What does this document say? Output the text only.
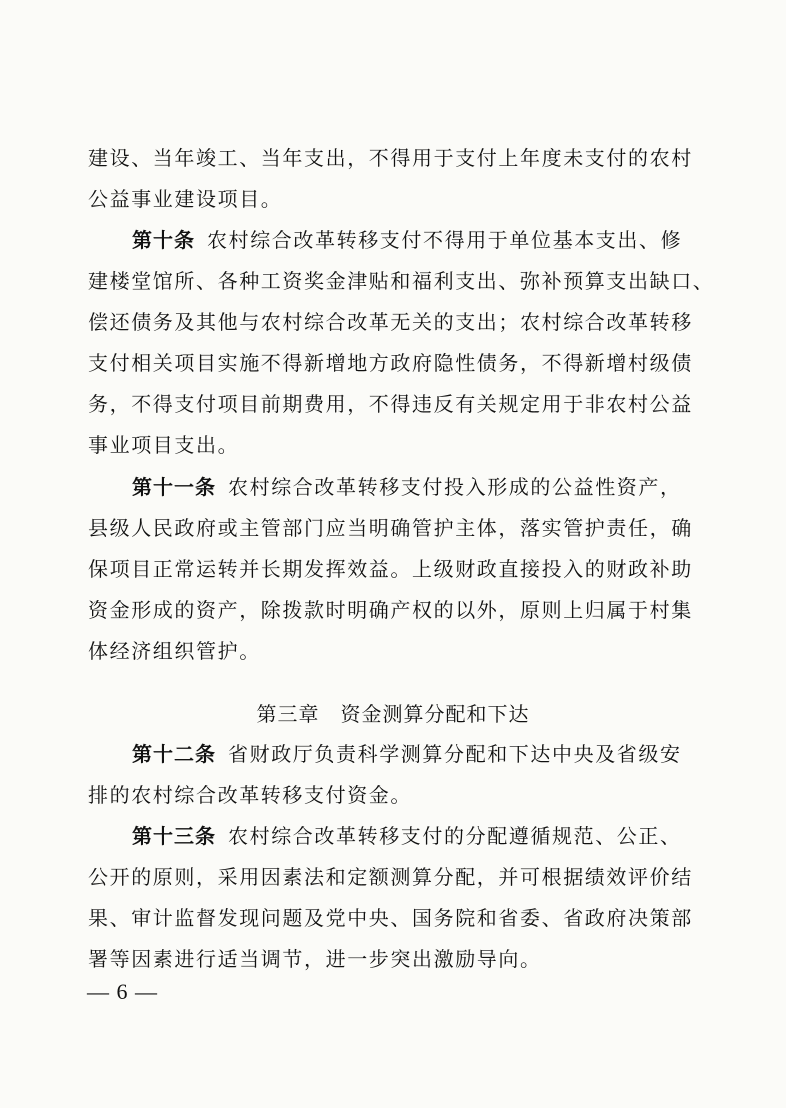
建设、当年竣工、当年支出，不得用于支付上年度未支付的农村
公益事业建设项目。
第十条 农村综合改革转移支付不得用于单位基本支出、修
建楼堂馆所、各种工资奖金津贴和福利支出、弥补预算支出缺口、
偿还债务及其他与农村综合改革无关的支出；农村综合改革转移
支付相关项目实施不得新增地方政府隐性债务，不得新增村级债
务，不得支付项目前期费用，不得违反有关规定用于非农村公益
事业项目支出。
第十一条 农村综合改革转移支付投入形成的公益性资产，
县级人民政府或主管部门应当明确管护主体，落实管护责任，确
保项目正常运转并长期发挥效益。上级财政直接投入的财政补助
资金形成的资产，除拨款时明确产权的以外，原则上归属于村集
体经济组织管护。
第三章　资金测算分配和下达
第十二条 省财政厅负责科学测算分配和下达中央及省级安
排的农村综合改革转移支付资金。
第十三条 农村综合改革转移支付的分配遵循规范、公正、
公开的原则，采用因素法和定额测算分配，并可根据绩效评价结
果、审计监督发现问题及党中央、国务院和省委、省政府决策部
署等因素进行适当调节，进一步突出激励导向。
— 6 —
